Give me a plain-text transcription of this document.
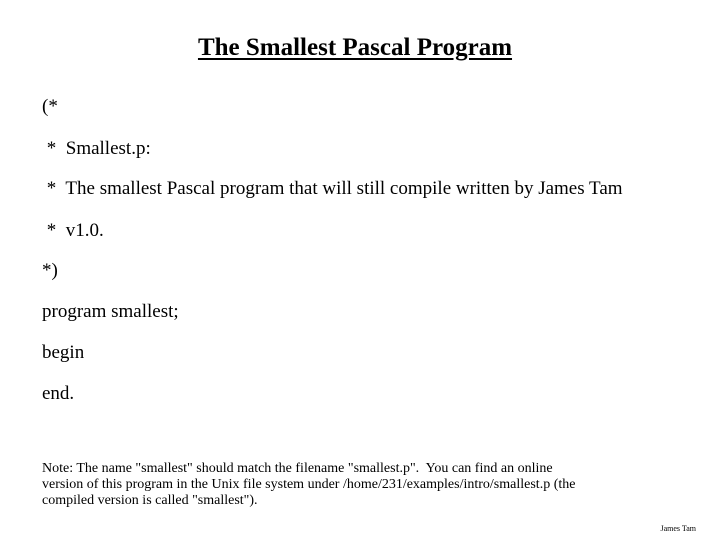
The Smallest Pascal Program
(*
*  Smallest.p:
*  The smallest Pascal program that will still compile written by James Tam
*  v1.0.
*)
program smallest;
begin
end.
Note: The name "smallest" should match the filename "smallest.p".  You can find an online
version of this program in the Unix file system under /home/231/examples/intro/smallest.p (the
compiled version is called "smallest").
James Tam
